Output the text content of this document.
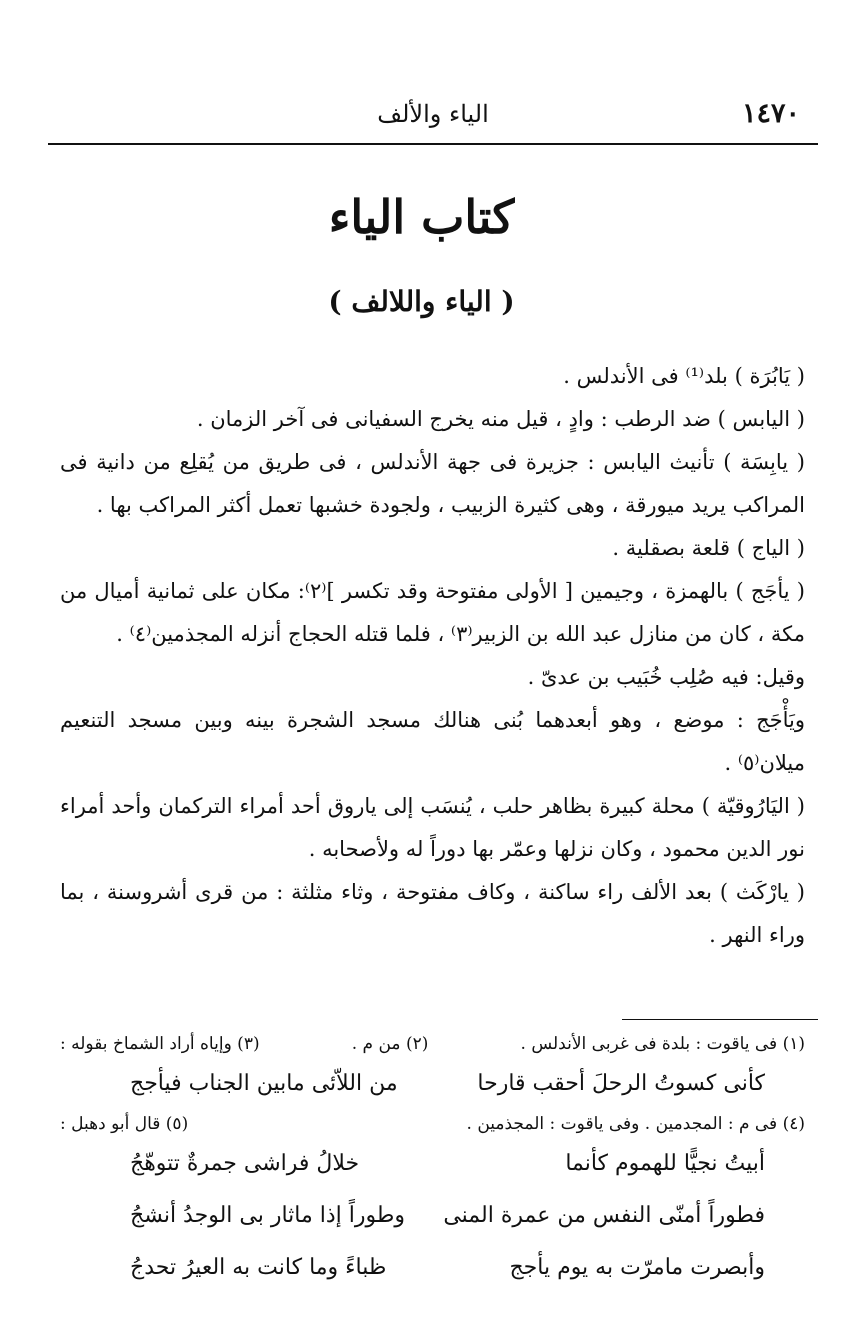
١٤٧٠
الياء والألف
كتاب الياء
( الياء واللالف )

( يَابُرَة ) بلد⁽¹⁾ فى الأندلس .

( اليابس ) ضد الرطب : وادٍ ، قيل منه يخرج السفيانى فى آخر الزمان .

( يابِسَة ) تأنيث اليابس : جزيرة فى جهة الأندلس ، فى طريق من يُقلِع من دانية فى المراكب يريد ميورقة ، وهى كثيرة الزبيب ، ولجودة خشبها تعمل أكثر المراكب بها .

( الياج ) قلعة بصقلية .

( يأجَج ) بالهمزة ، وجيمين [ الأولى مفتوحة وقد تكسر ]⁽٢⁾: مكان على ثمانية أميال من مكة ، كان من منازل عبد الله بن الزبير⁽٣⁾ ، فلما قتله الحجاج أنزله المجذمين⁽٤⁾ .

وقيل: فيه صُلِب خُبَيب بن عدىّ .

ويَأْجَج : موضع ، وهو أبعدهما بُنى هنالك مسجد الشجرة بينه وبين مسجد التنعيم ميلان⁽٥⁾ .

( اليَارُوقيّة ) محلة كبيرة بظاهر حلب ، يُنسَب إلى ياروق أحد أمراء التركمان وأحد أمراء نور الدين محمود ، وكان نزلها وعمّر بها دوراً له ولأصحابه .

( يارْكَث ) بعد الألف راء ساكنة ، وكاف مفتوحة ، وثاء مثلثة : من قرى أشروسنة ، بما وراء النهر .

(١) فى ياقوت : بلدة فى غربى الأندلس .
(٢) من م .
(٣) وإياه أراد الشماخ بقوله :
كأنى كسوتُ الرحلَ أحقب قارحا
من اللاّئى مابين الجناب فيأجج
(٤) فى م : المجدمين . وفى ياقوت : المجذمين .
(٥) قال أبو دهبل :
أبيتُ نجيًّا للهموم كأنما
خلالُ فراشى جمرةٌ تتوهّجُ
فطوراً أمنّى النفس من عمرة المنى
وطوراً إذا ماثار بى الوجدُ أنشجُ
وأبصرت مامرّت به يوم يأجج
ظباءً وما كانت به العيرُ تحدجُ
